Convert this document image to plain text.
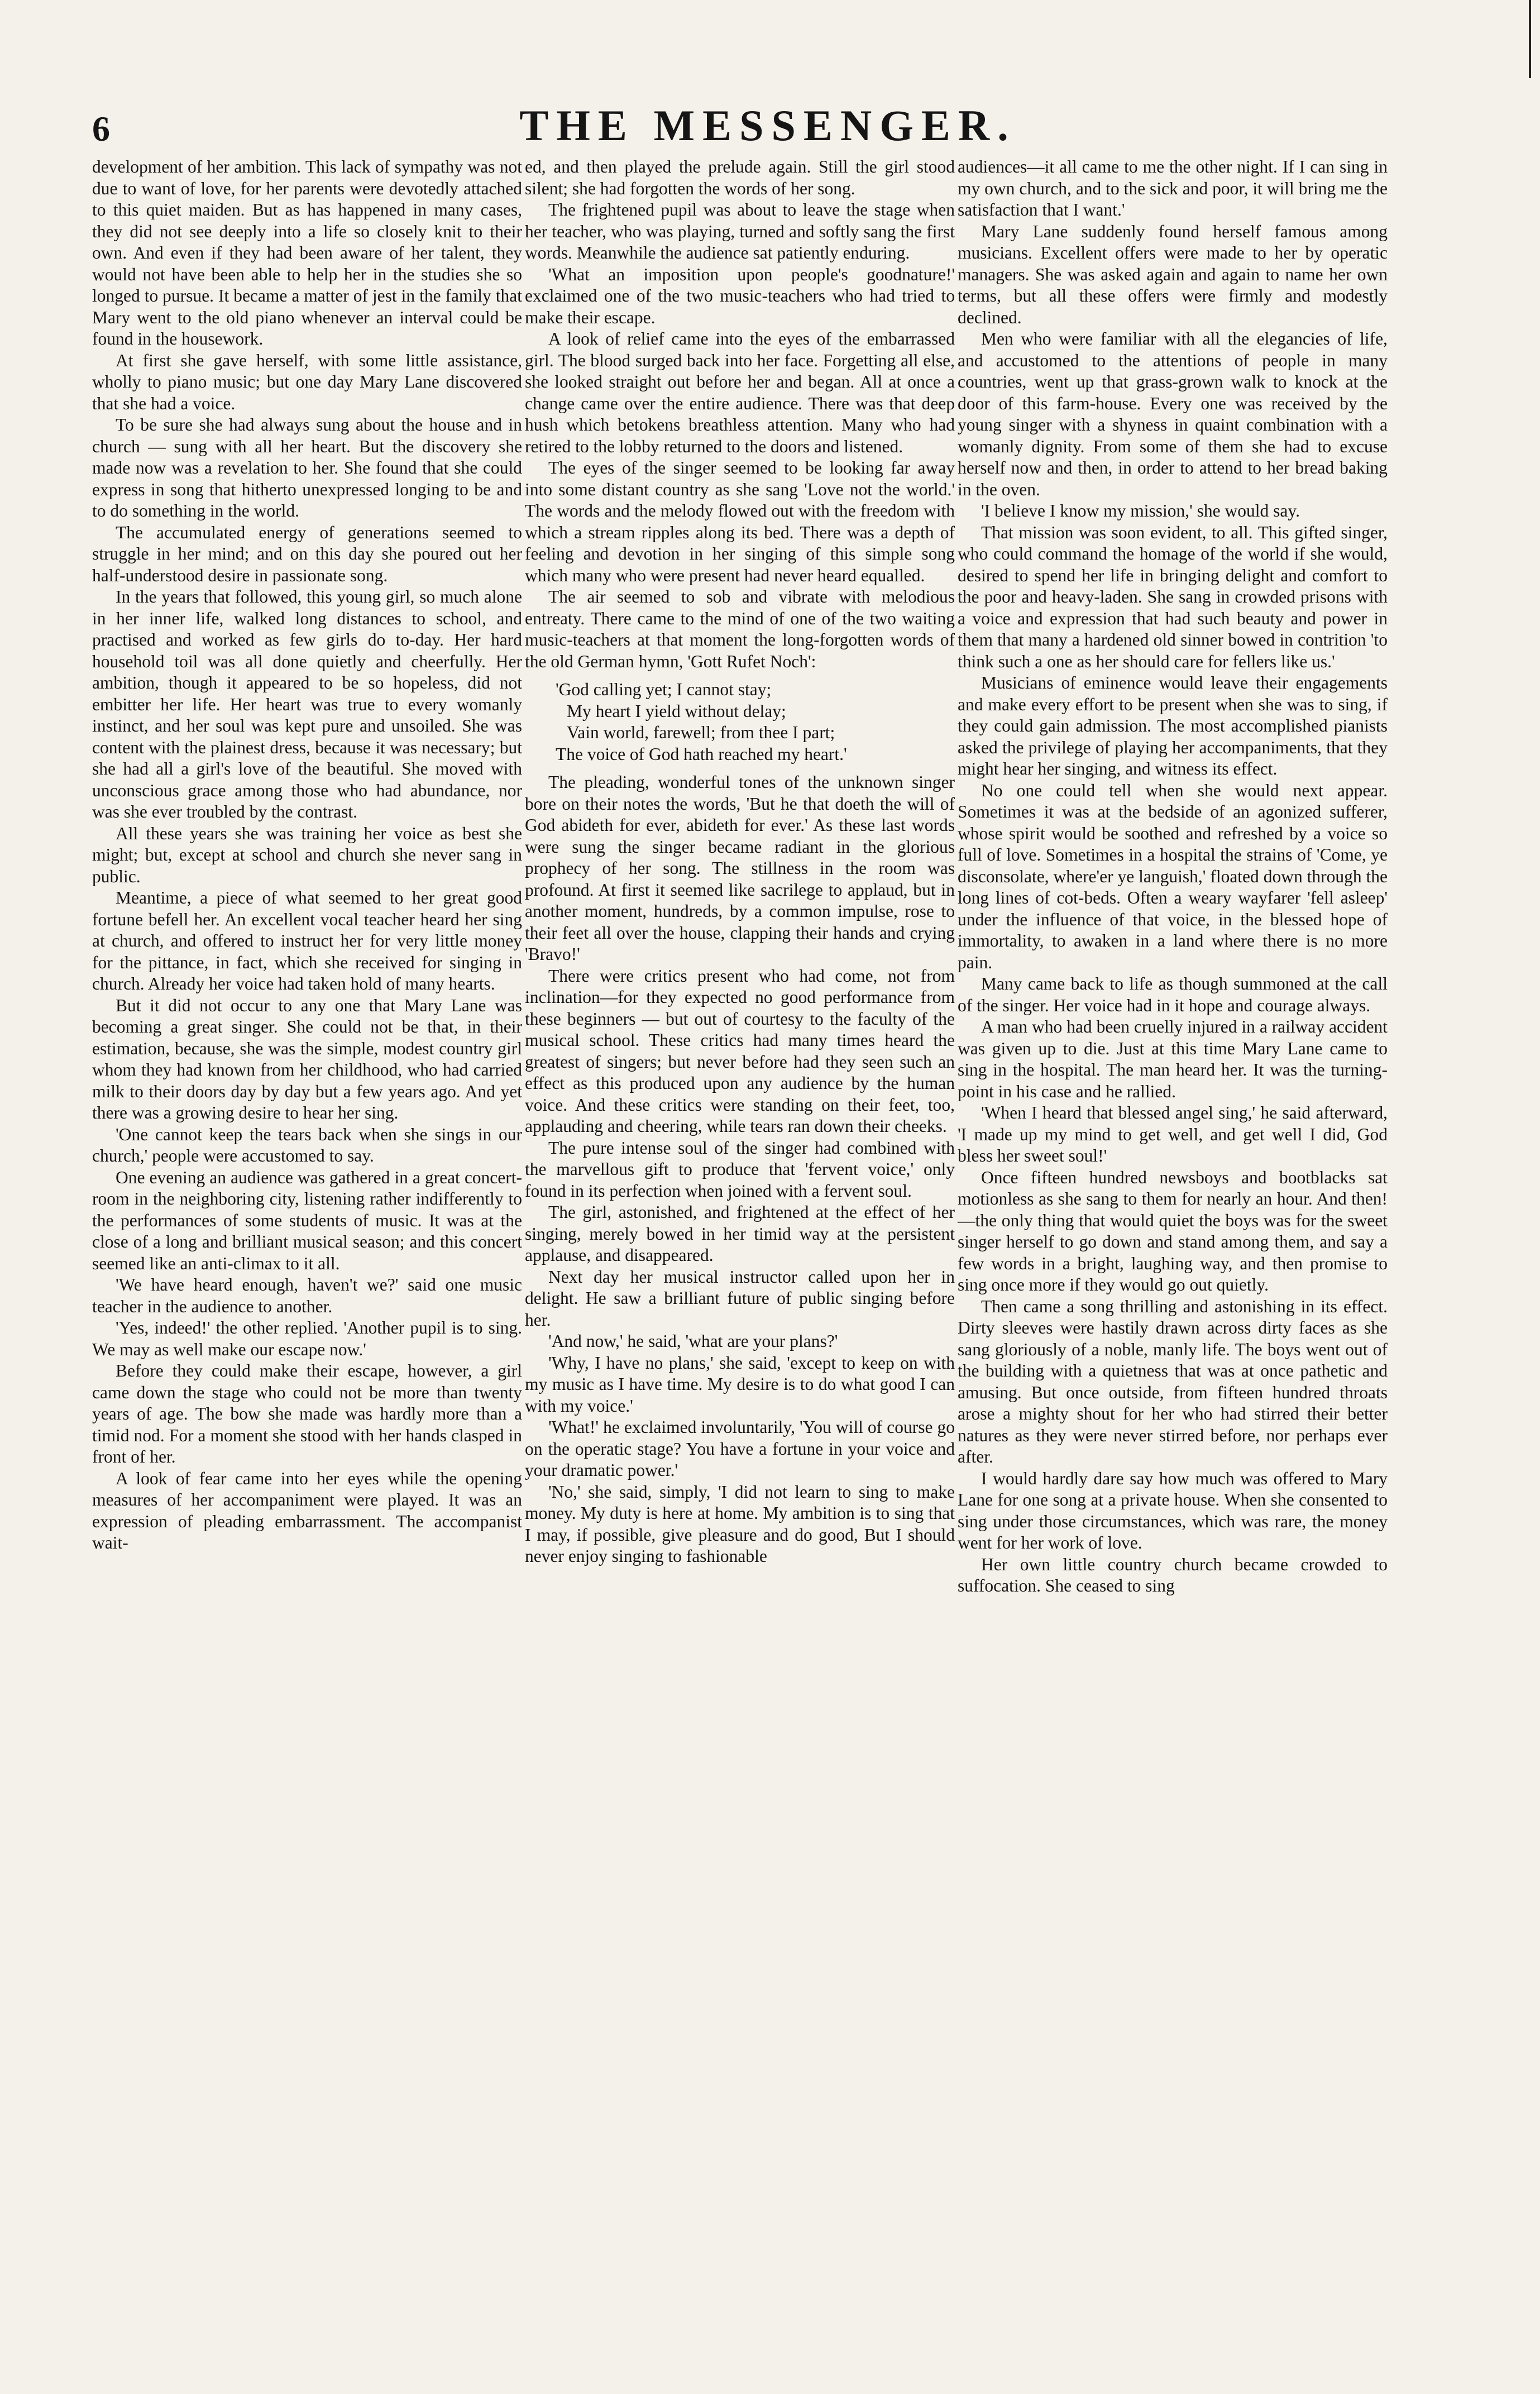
6	THE MESSENGER.

development of her ambition. This lack of sympathy was not due to want of love, for her parents were devotedly attached to this quiet maiden. But as has happened in many cases, they did not see deeply into a life so closely knit to their own. And even if they had been aware of her talent, they would not have been able to help her in the studies she so longed to pursue. It became a matter of jest in the family that Mary went to the old piano whenever an interval could be found in the housework.

At first she gave herself, with some little assistance, wholly to piano music; but one day Mary Lane discovered that she had a voice.

To be sure she had always sung about the house and in church — sung with all her heart. But the discovery she made now was a revelation to her. She found that she could express in song that hitherto unexpressed longing to be and to do something in the world.

The accumulated energy of generations seemed to struggle in her mind; and on this day she poured out her half-understood desire in passionate song.

In the years that followed, this young girl, so much alone in her inner life, walked long distances to school, and practised and worked as few girls do to-day. Her hard household toil was all done quietly and cheerfully. Her ambition, though it appeared to be so hopeless, did not embitter her life. Her heart was true to every womanly instinct, and her soul was kept pure and unsoiled. She was content with the plainest dress, because it was necessary; but she had all a girl's love of the beautiful. She moved with unconscious grace among those who had abundance, nor was she ever troubled by the contrast.

All these years she was training her voice as best she might; but, except at school and church she never sang in public.

Meantime, a piece of what seemed to her great good fortune befell her. An excellent vocal teacher heard her sing at church, and offered to instruct her for very little money for the pittance, in fact, which she received for singing in church. Already her voice had taken hold of many hearts.

But it did not occur to any one that Mary Lane was becoming a great singer. She could not be that, in their estimation, because, she was the simple, modest country girl whom they had known from her childhood, who had carried milk to their doors day by day but a few years ago. And yet there was a growing desire to hear her sing.

'One cannot keep the tears back when she sings in our church,' people were accustomed to say.

One evening an audience was gathered in a great concert-room in the neighboring city, listening rather indifferently to the performances of some students of music. It was at the close of a long and brilliant musical season; and this concert seemed like an anti-climax to it all.

'We have heard enough, haven't we?' said one music teacher in the audience to another.

'Yes, indeed!' the other replied. 'Another pupil is to sing. We may as well make our escape now.'

Before they could make their escape, however, a girl came down the stage who could not be more than twenty years of age. The bow she made was hardly more than a timid nod. For a moment she stood with her hands clasped in front of her.

A look of fear came into her eyes while the opening measures of her accompaniment were played. It was an expression of pleading embarrassment. The accompanist wait-

ed, and then played the prelude again. Still the girl stood silent; she had forgotten the words of her song.

The frightened pupil was about to leave the stage when her teacher, who was playing, turned and softly sang the first words. Meanwhile the audience sat patiently enduring.

'What an imposition upon people's goodnature!' exclaimed one of the two music-teachers who had tried to make their escape.

A look of relief came into the eyes of the embarrassed girl. The blood surged back into her face. Forgetting all else, she looked straight out before her and began. All at once a change came over the entire audience. There was that deep hush which betokens breathless attention. Many who had retired to the lobby returned to the doors and listened.

The eyes of the singer seemed to be looking far away into some distant country as she sang 'Love not the world.' The words and the melody flowed out with the freedom with which a stream ripples along its bed. There was a depth of feeling and devotion in her singing of this simple song which many who were present had never heard equalled.

The air seemed to sob and vibrate with melodious entreaty. There came to the mind of one of the two waiting music-teachers at that moment the long-forgotten words of the old German hymn, 'Gott Rufet Noch':

'God calling yet; I cannot stay;

My heart I yield without delay;

Vain world, farewell; from thee I part;

The voice of God hath reached my heart.'

The pleading, wonderful tones of the unknown singer bore on their notes the words, 'But he that doeth the will of God abideth for ever, abideth for ever.' As these last words were sung the singer became radiant in the glorious prophecy of her song. The stillness in the room was profound. At first it seemed like sacrilege to applaud, but in another moment, hundreds, by a common impulse, rose to their feet all over the house, clapping their hands and crying 'Bravo!'

There were critics present who had come, not from inclination—for they expected no good performance from these beginners — but out of courtesy to the faculty of the musical school. These critics had many times heard the greatest of singers; but never before had they seen such an effect as this produced upon any audience by the human voice. And these critics were standing on their feet, too, applauding and cheering, while tears ran down their cheeks.

The pure intense soul of the singer had combined with the marvellous gift to produce that 'fervent voice,' only found in its perfection when joined with a fervent soul.

The girl, astonished, and frightened at the effect of her singing, merely bowed in her timid way at the persistent applause, and disappeared.

Next day her musical instructor called upon her in delight. He saw a brilliant future of public singing before her.

'And now,' he said, 'what are your plans?'

'Why, I have no plans,' she said, 'except to keep on with my music as I have time. My desire is to do what good I can with my voice.'

'What!' he exclaimed involuntarily, 'You will of course go on the operatic stage? You have a fortune in your voice and your dramatic power.'

'No,' she said, simply, 'I did not learn to sing to make money. My duty is here at home. My ambition is to sing that I may, if possible, give pleasure and do good, But I should never enjoy singing to fashionable

audiences—it all came to me the other night. If I can sing in my own church, and to the sick and poor, it will bring me the satisfaction that I want.'

Mary Lane suddenly found herself famous among musicians. Excellent offers were made to her by operatic managers. She was asked again and again to name her own terms, but all these offers were firmly and modestly declined.

Men who were familiar with all the elegancies of life, and accustomed to the attentions of people in many countries, went up that grass-grown walk to knock at the door of this farm-house. Every one was received by the young singer with a shyness in quaint combination with a womanly dignity. From some of them she had to excuse herself now and then, in order to attend to her bread baking in the oven.

'I believe I know my mission,' she would say.

That mission was soon evident, to all. This gifted singer, who could command the homage of the world if she would, desired to spend her life in bringing delight and comfort to the poor and heavy-laden. She sang in crowded prisons with a voice and expression that had such beauty and power in them that many a hardened old sinner bowed in contrition 'to think such a one as her should care for fellers like us.'

Musicians of eminence would leave their engagements and make every effort to be present when she was to sing, if they could gain admission. The most accomplished pianists asked the privilege of playing her accompaniments, that they might hear her singing, and witness its effect.

No one could tell when she would next appear. Sometimes it was at the bedside of an agonized sufferer, whose spirit would be soothed and refreshed by a voice so full of love. Sometimes in a hospital the strains of 'Come, ye disconsolate, where'er ye languish,' floated down through the long lines of cot-beds. Often a weary wayfarer 'fell asleep' under the influence of that voice, in the blessed hope of immortality, to awaken in a land where there is no more pain.

Many came back to life as though summoned at the call of the singer. Her voice had in it hope and courage always.

A man who had been cruelly injured in a railway accident was given up to die. Just at this time Mary Lane came to sing in the hospital. The man heard her. It was the turning-point in his case and he rallied.

'When I heard that blessed angel sing,' he said afterward, 'I made up my mind to get well, and get well I did, God bless her sweet soul!'

Once fifteen hundred newsboys and bootblacks sat motionless as she sang to them for nearly an hour. And then!—the only thing that would quiet the boys was for the sweet singer herself to go down and stand among them, and say a few words in a bright, laughing way, and then promise to sing once more if they would go out quietly.

Then came a song thrilling and astonishing in its effect. Dirty sleeves were hastily drawn across dirty faces as she sang gloriously of a noble, manly life. The boys went out of the building with a quietness that was at once pathetic and amusing. But once outside, from fifteen hundred throats arose a mighty shout for her who had stirred their better natures as they were never stirred before, nor perhaps ever after.

I would hardly dare say how much was offered to Mary Lane for one song at a private house. When she consented to sing under those circumstances, which was rare, the money went for her work of love.

Her own little country church became crowded to suffocation. She ceased to sing
